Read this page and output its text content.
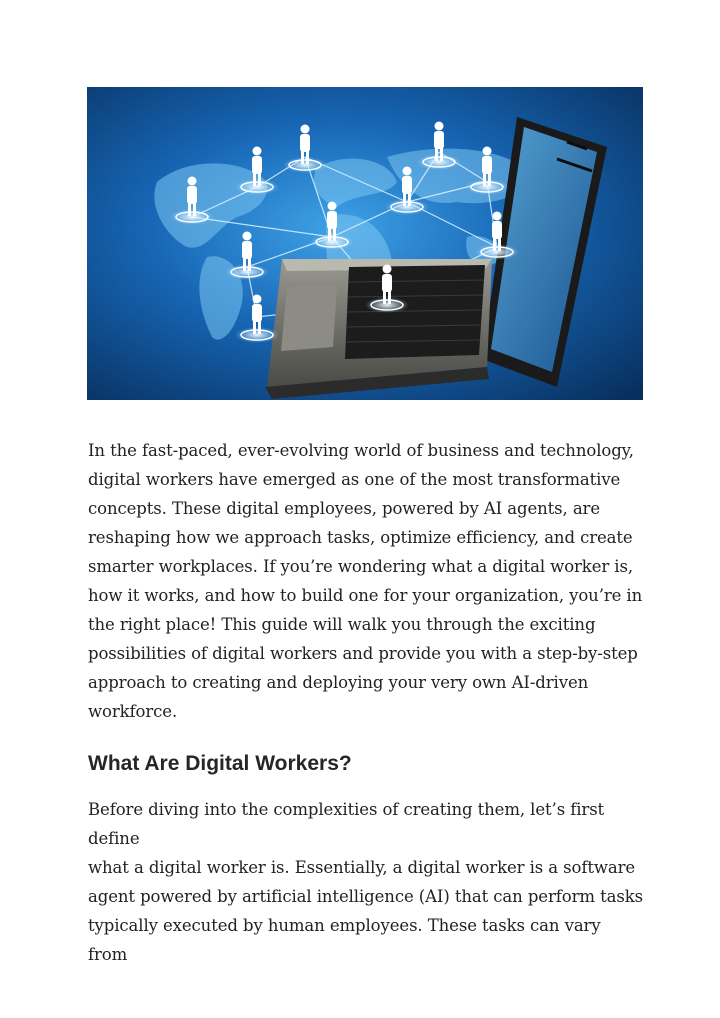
In the fast-paced, ever-evolving world of business and technology,
digital workers have emerged as one of the most transformative
concepts. These digital employees, powered by AI agents, are
reshaping how we approach tasks, optimize efficiency, and create
smarter workplaces. If you’re wondering what a digital worker is,
how it works, and how to build one for your organization, you’re in
the right place! This guide will walk you through the exciting
possibilities of digital workers and provide you with a step-by-step
approach to creating and deploying your very own AI-driven
workforce.
What Are Digital Workers?
Before diving into the complexities of creating them, let’s first define
what a digital worker is. Essentially, a digital worker is a software
agent powered by artificial intelligence (AI) that can perform tasks
typically executed by human employees. These tasks can vary from
